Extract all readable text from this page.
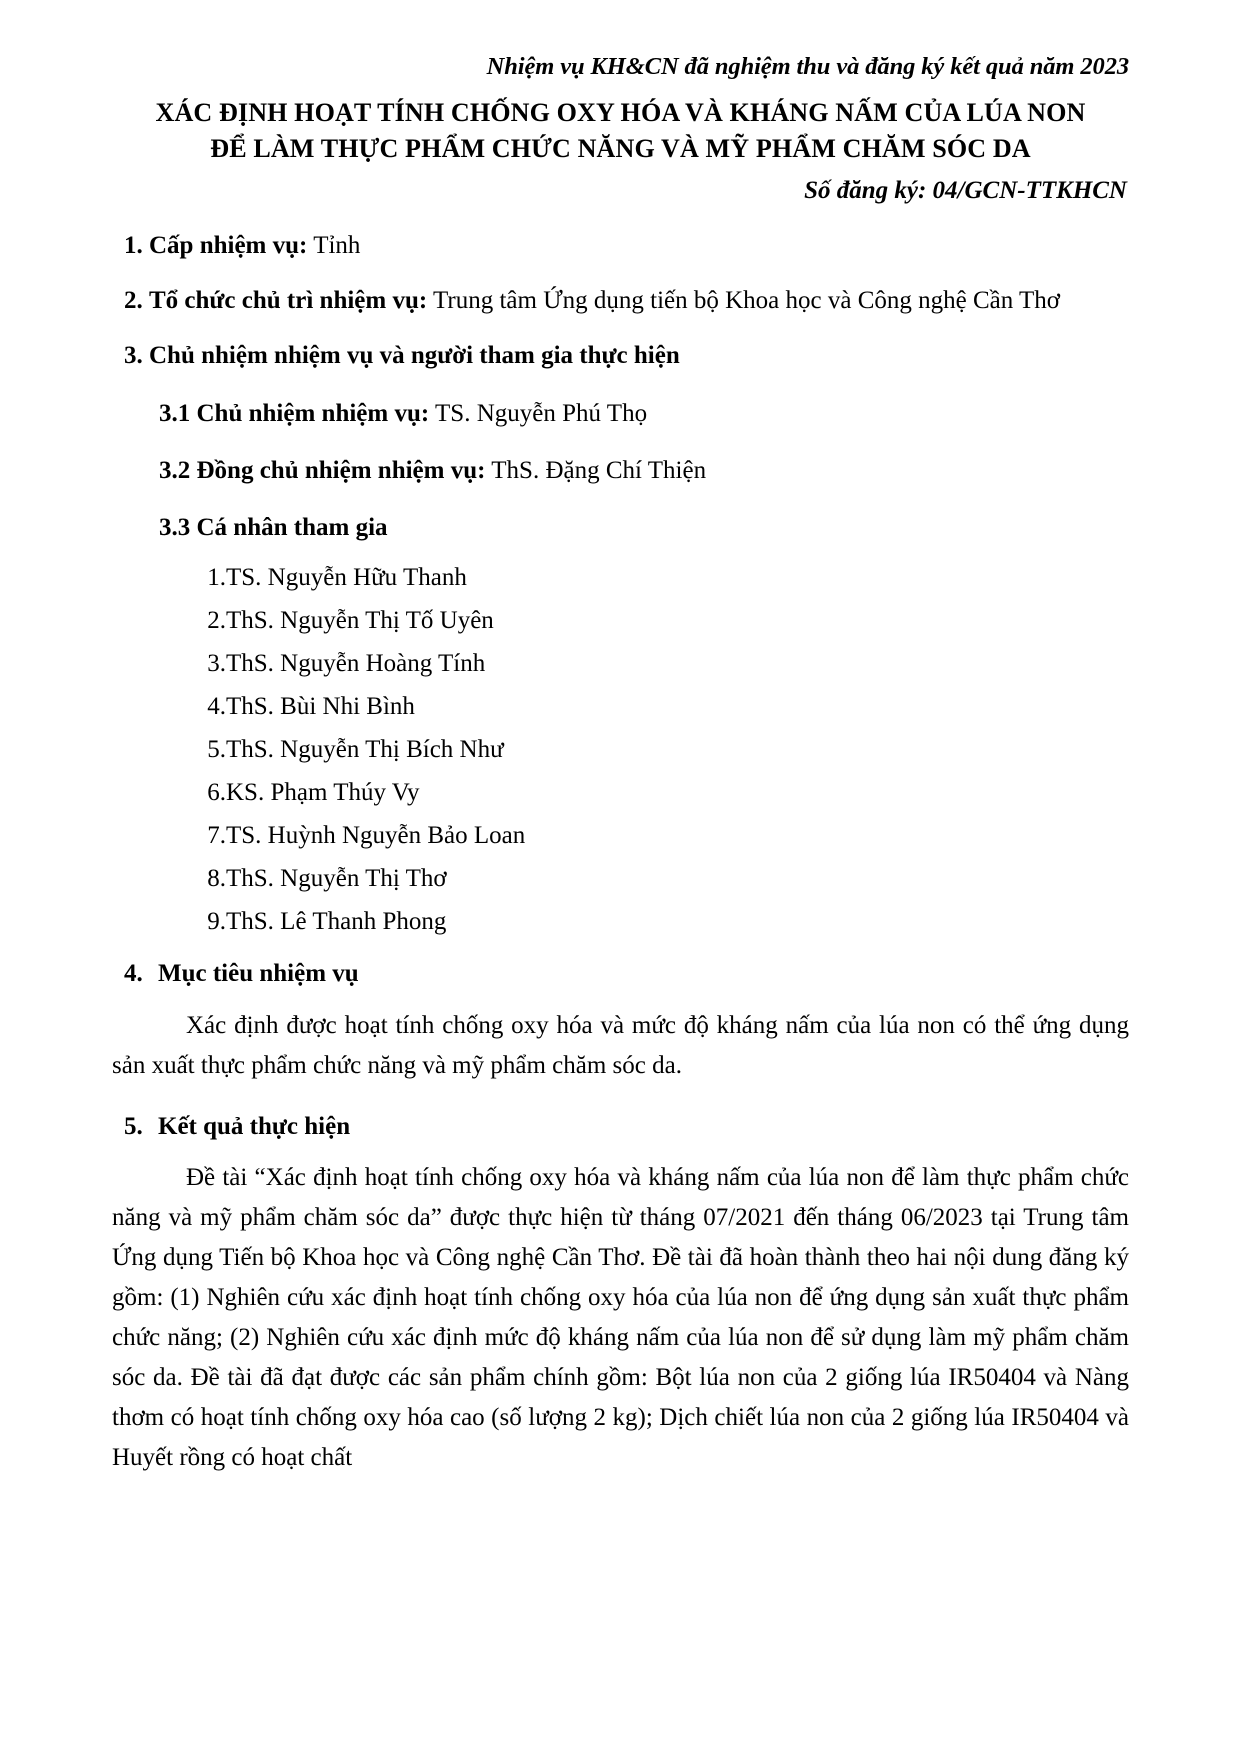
Nhiệm vụ KH&CN đã nghiệm thu và đăng ký kết quả năm 2023
XÁC ĐỊNH HOẠT TÍNH CHỐNG OXY HÓA VÀ KHÁNG NẤM CỦA LÚA NON
ĐỂ LÀM THỰC PHẨM CHỨC NĂNG VÀ MỸ PHẨM CHĂM SÓC DA
Số đăng ký: 04/GCN-TTKHCN
1. Cấp nhiệm vụ: Tỉnh
2. Tổ chức chủ trì nhiệm vụ: Trung tâm Ứng dụng tiến bộ Khoa học và Công nghệ Cần Thơ
3. Chủ nhiệm nhiệm vụ và người tham gia thực hiện
3.1 Chủ nhiệm nhiệm vụ: TS. Nguyễn Phú Thọ
3.2 Đồng chủ nhiệm nhiệm vụ: ThS. Đặng Chí Thiện
3.3 Cá nhân tham gia
1. TS. Nguyễn Hữu Thanh
2. ThS. Nguyễn Thị Tố Uyên
3. ThS. Nguyễn Hoàng Tính
4. ThS. Bùi Nhi Bình
5. ThS. Nguyễn Thị Bích Như
6. KS. Phạm Thúy Vy
7. TS. Huỳnh Nguyễn Bảo Loan
8. ThS. Nguyễn Thị Thơ
9. ThS. Lê Thanh Phong
4. Mục tiêu nhiệm vụ
Xác định được hoạt tính chống oxy hóa và mức độ kháng nấm của lúa non có thể ứng dụng sản xuất thực phẩm chức năng và mỹ phẩm chăm sóc da.
5. Kết quả thực hiện
Đề tài “Xác định hoạt tính chống oxy hóa và kháng nấm của lúa non để làm thực phẩm chức năng và mỹ phẩm chăm sóc da” được thực hiện từ tháng 07/2021 đến tháng 06/2023 tại Trung tâm Ứng dụng Tiến bộ Khoa học và Công nghệ Cần Thơ. Đề tài đã hoàn thành theo hai nội dung đăng ký gồm: (1) Nghiên cứu xác định hoạt tính chống oxy hóa của lúa non để ứng dụng sản xuất thực phẩm chức năng; (2) Nghiên cứu xác định mức độ kháng nấm của lúa non để sử dụng làm mỹ phẩm chăm sóc da. Đề tài đã đạt được các sản phẩm chính gồm: Bột lúa non của 2 giống lúa IR50404 và Nàng thơm có hoạt tính chống oxy hóa cao (số lượng 2 kg); Dịch chiết lúa non của 2 giống lúa IR50404 và Huyết rồng có hoạt chất
